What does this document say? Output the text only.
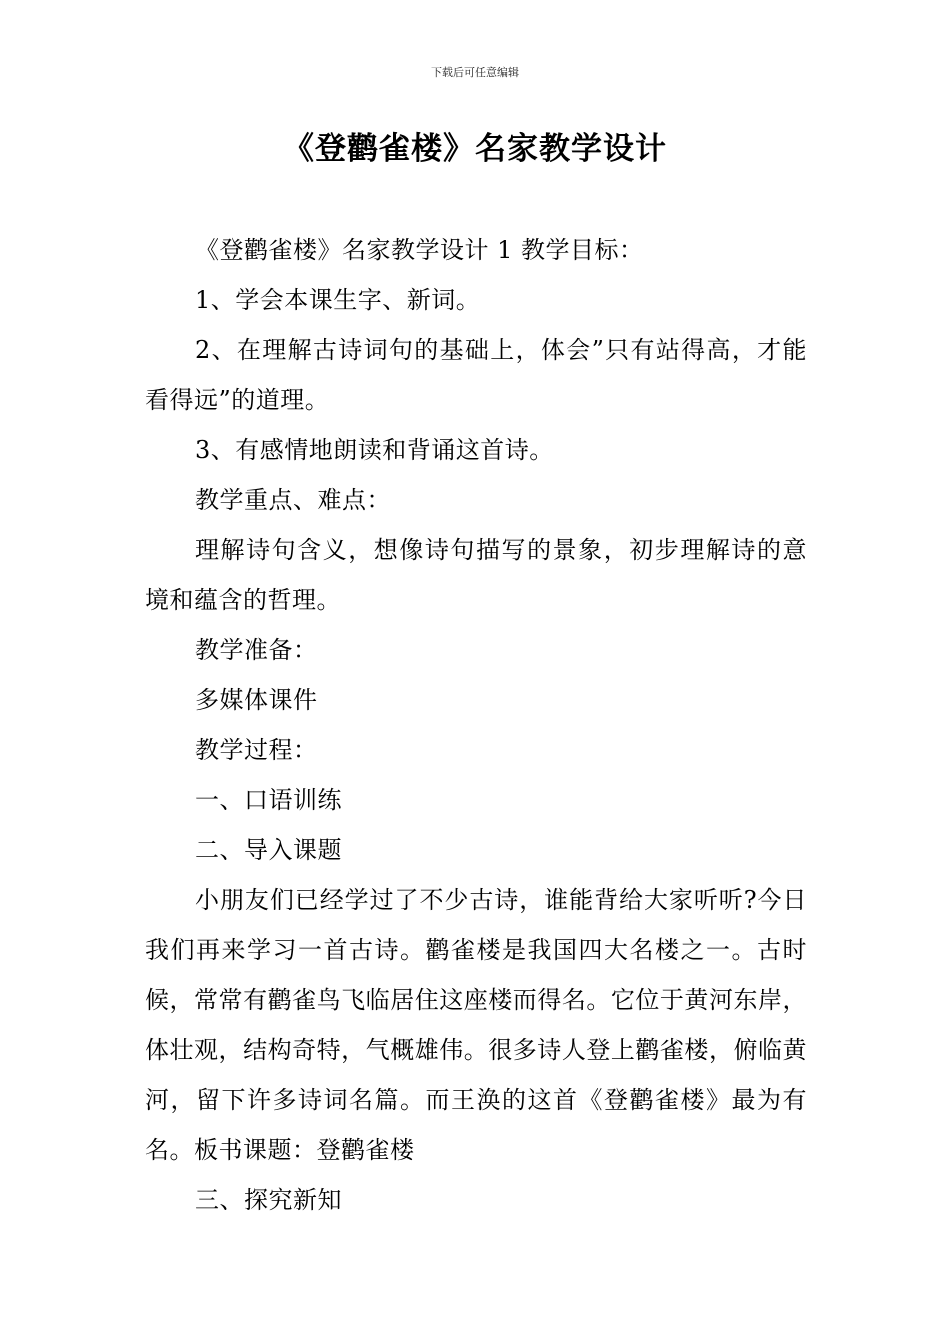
下载后可任意编辑
《登鹳雀楼》名家教学设计

《登鹳雀楼》名家教学设计 1 教学目标：

1、学会本课生字、新词。

2、在理解古诗词句的基础上，体会”只有站得高，才能看得远”的道理。

3、有感情地朗读和背诵这首诗。

教学重点、难点：

理解诗句含义，想像诗句描写的景象，初步理解诗的意境和蕴含的哲理。

教学准备：

多媒体课件

教学过程：

一、口语训练

二、导入课题

小朋友们已经学过了不少古诗，谁能背给大家听听?今日我们再来学习一首古诗。鹳雀楼是我国四大名楼之一。古时候，常常有鹳雀鸟飞临居住这座楼而得名。它位于黄河东岸，体壮观，结构奇特，气概雄伟。很多诗人登上鹳雀楼，俯临黄河，留下许多诗词名篇。而王涣的这首《登鹳雀楼》最为有名。板书课题：登鹳雀楼

三、探究新知
